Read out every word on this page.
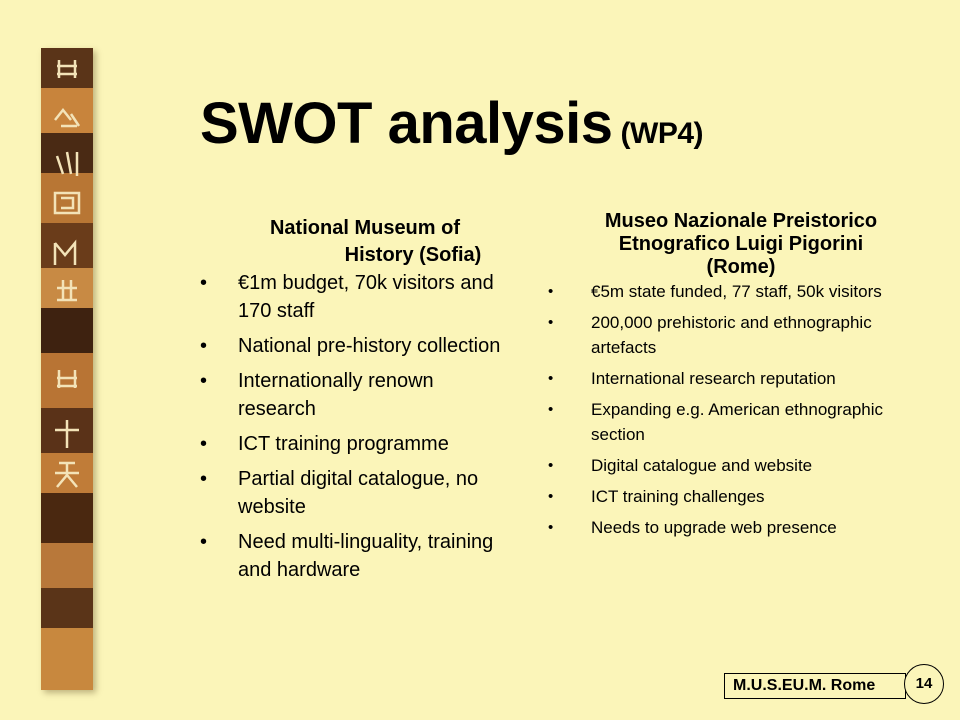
SWOT analysis (WP4)
National Museum of
History (Sofia)
• €1m budget, 70k visitors and 170 staff
• National pre-history collection
• Internationally renown research
• ICT training programme
• Partial digital catalogue, no website
• Need multi-linguality, training and hardware
Museo Nazionale Preistorico Etnografico Luigi Pigorini (Rome)
• €5m state funded, 77 staff, 50k visitors
• 200,000 prehistoric and ethnographic artefacts
• International research reputation
• Expanding e.g. American ethnographic section
• Digital catalogue and website
• ICT training challenges
• Needs to upgrade web presence
M.U.S.EU.M. Rome	14
